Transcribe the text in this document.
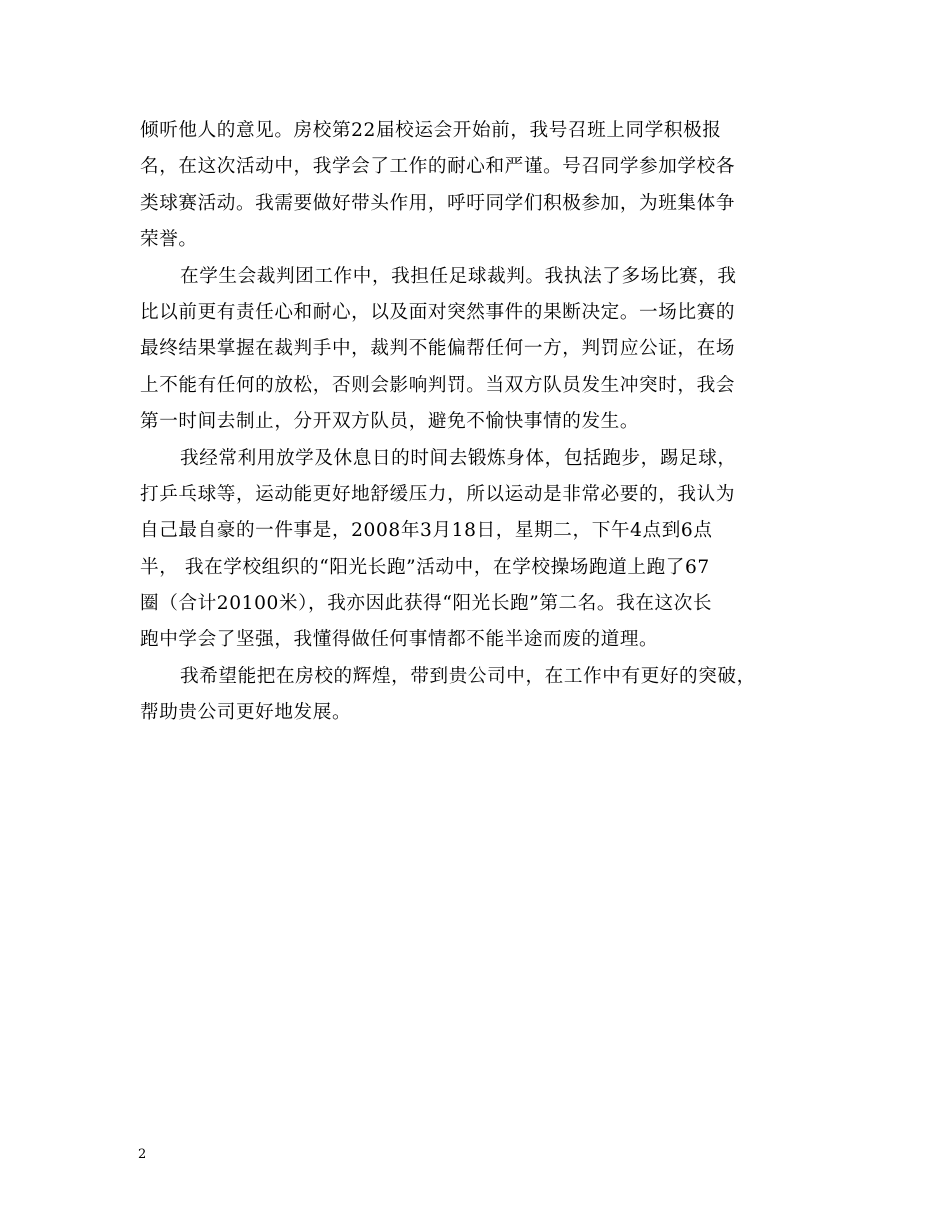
倾听他人的意见。房校第22届校运会开始前，我号召班上同学积极报
名，在这次活动中，我学会了工作的耐心和严谨。号召同学参加学校各
类球赛活动。我需要做好带头作用，呼吁同学们积极参加，为班集体争
荣誉。
在学生会裁判团工作中，我担任足球裁判。我执法了多场比赛，我
比以前更有责任心和耐心，以及面对突然事件的果断决定。一场比赛的
最终结果掌握在裁判手中，裁判不能偏帮任何一方，判罚应公证，在场
上不能有任何的放松，否则会影响判罚。当双方队员发生冲突时，我会
第一时间去制止，分开双方队员，避免不愉快事情的发生。
我经常利用放学及休息日的时间去锻炼身体，包括跑步，踢足球，
打乒乓球等，运动能更好地舒缓压力，所以运动是非常必要的，我认为
自己最自豪的一件事是，2008年3月18日，星期二，下午4点到6点
半， 我在学校组织的“阳光长跑”活动中，在学校操场跑道上跑了67
圈（合计20100米），我亦因此获得“阳光长跑”第二名。我在这次长
跑中学会了坚强，我懂得做任何事情都不能半途而废的道理。
我希望能把在房校的辉煌，带到贵公司中，在工作中有更好的突破，
帮助贵公司更好地发展。
2
